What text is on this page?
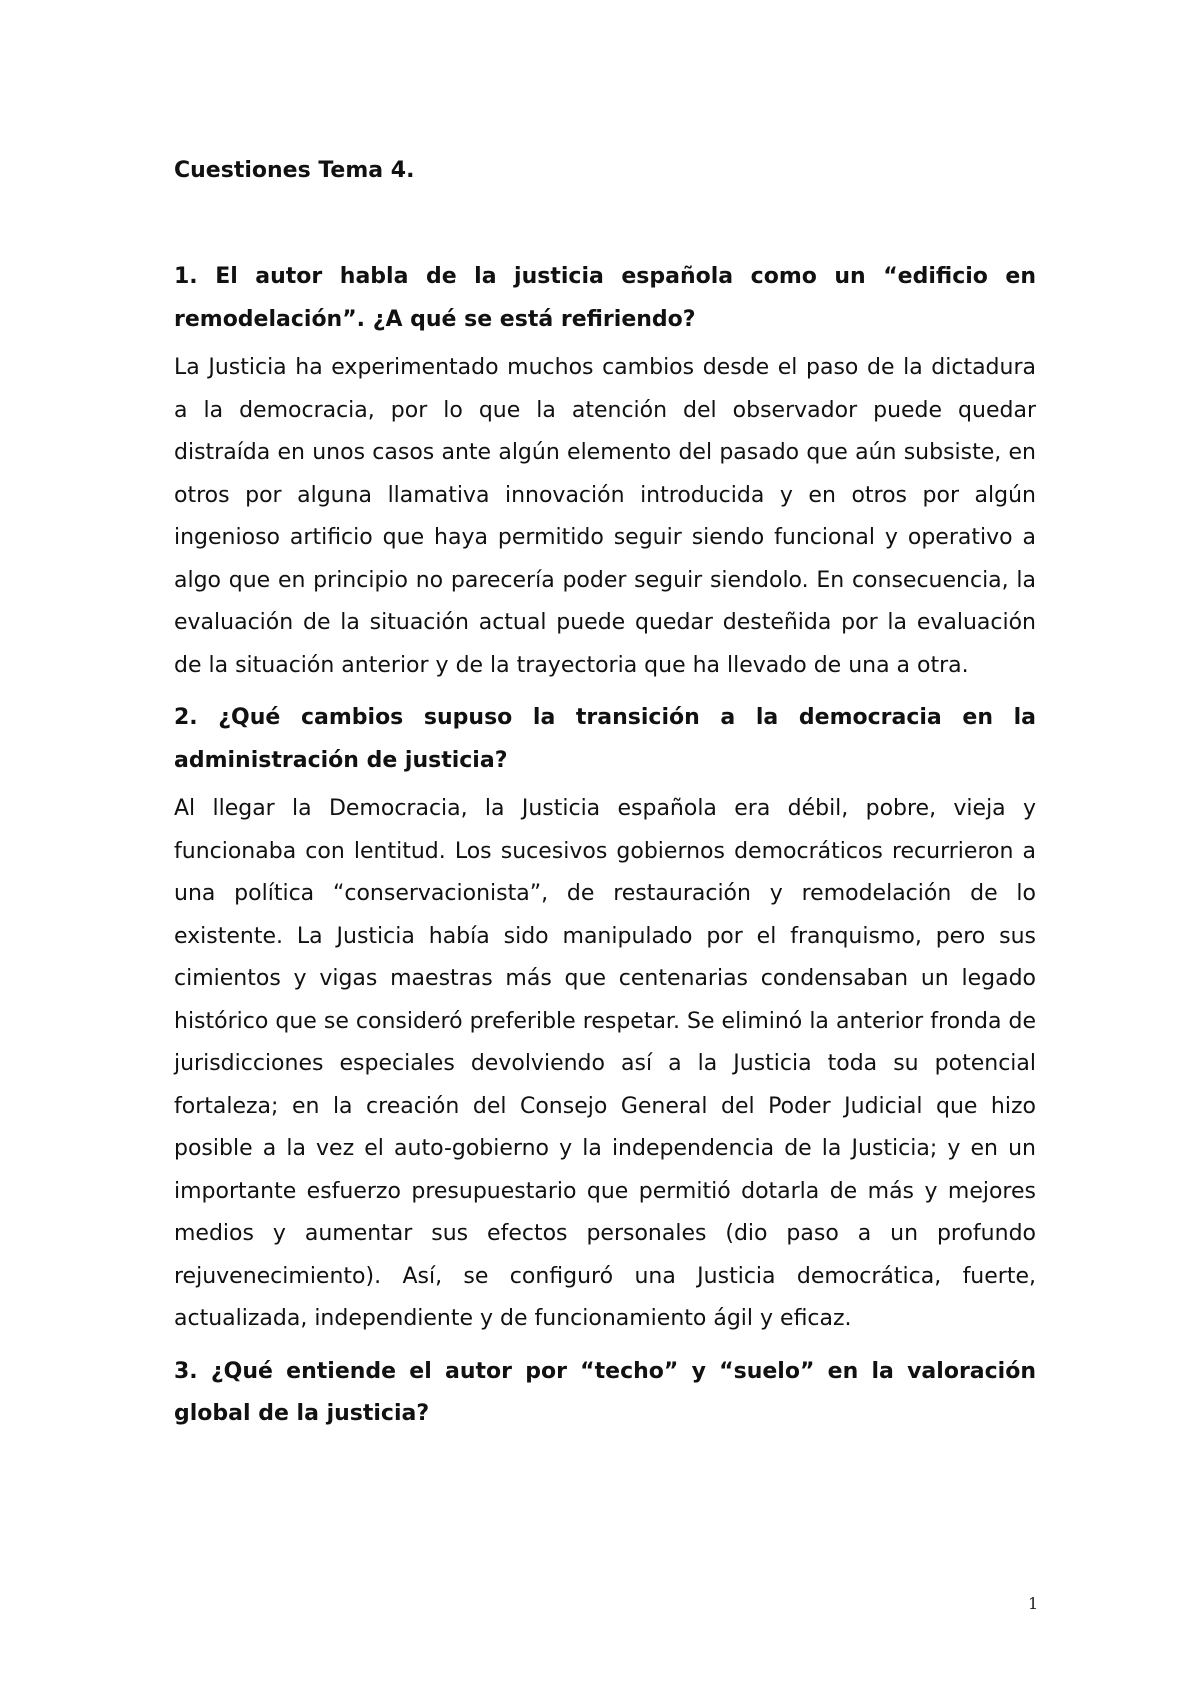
Cuestiones Tema 4.

1. El autor habla de la justicia española como un “edificio en remodelación”. ¿A qué se está refiriendo?

La Justicia ha experimentado muchos cambios desde el paso de la dictadura a la democracia, por lo que la atención del observador puede quedar distraída en unos casos ante algún elemento del pasado que aún subsiste, en otros por alguna llamativa innovación introducida y en otros por algún ingenioso artificio que haya permitido seguir siendo funcional y operativo a algo que en principio no parecería poder seguir siendolo. En consecuencia, la evaluación de la situación actual puede quedar desteñida por la evaluación de la situación anterior y de la trayectoria que ha llevado de una a otra.

2. ¿Qué cambios supuso la transición a la democracia en la administración de justicia?

Al llegar la Democracia, la Justicia española era débil, pobre, vieja y funcionaba con lentitud. Los sucesivos gobiernos democráticos recurrieron a una política “conservacionista”, de restauración y remodelación de lo existente. La Justicia había sido manipulado por el franquismo, pero sus cimientos y vigas maestras más que centenarias condensaban un legado histórico que se consideró preferible respetar. Se eliminó la anterior fronda de jurisdicciones especiales devolviendo así a la Justicia toda su potencial fortaleza; en la creación del Consejo General del Poder Judicial que hizo posible a la vez el auto-gobierno y la independencia de la Justicia; y en un importante esfuerzo presupuestario que permitió dotarla de más y mejores medios y aumentar sus efectos personales (dio paso a un profundo rejuvenecimiento). Así, se configuró una Justicia democrática, fuerte, actualizada, independiente y de funcionamiento ágil y eficaz.

3. ¿Qué entiende el autor por “techo” y “suelo” en la valoración global de la justicia?

1
